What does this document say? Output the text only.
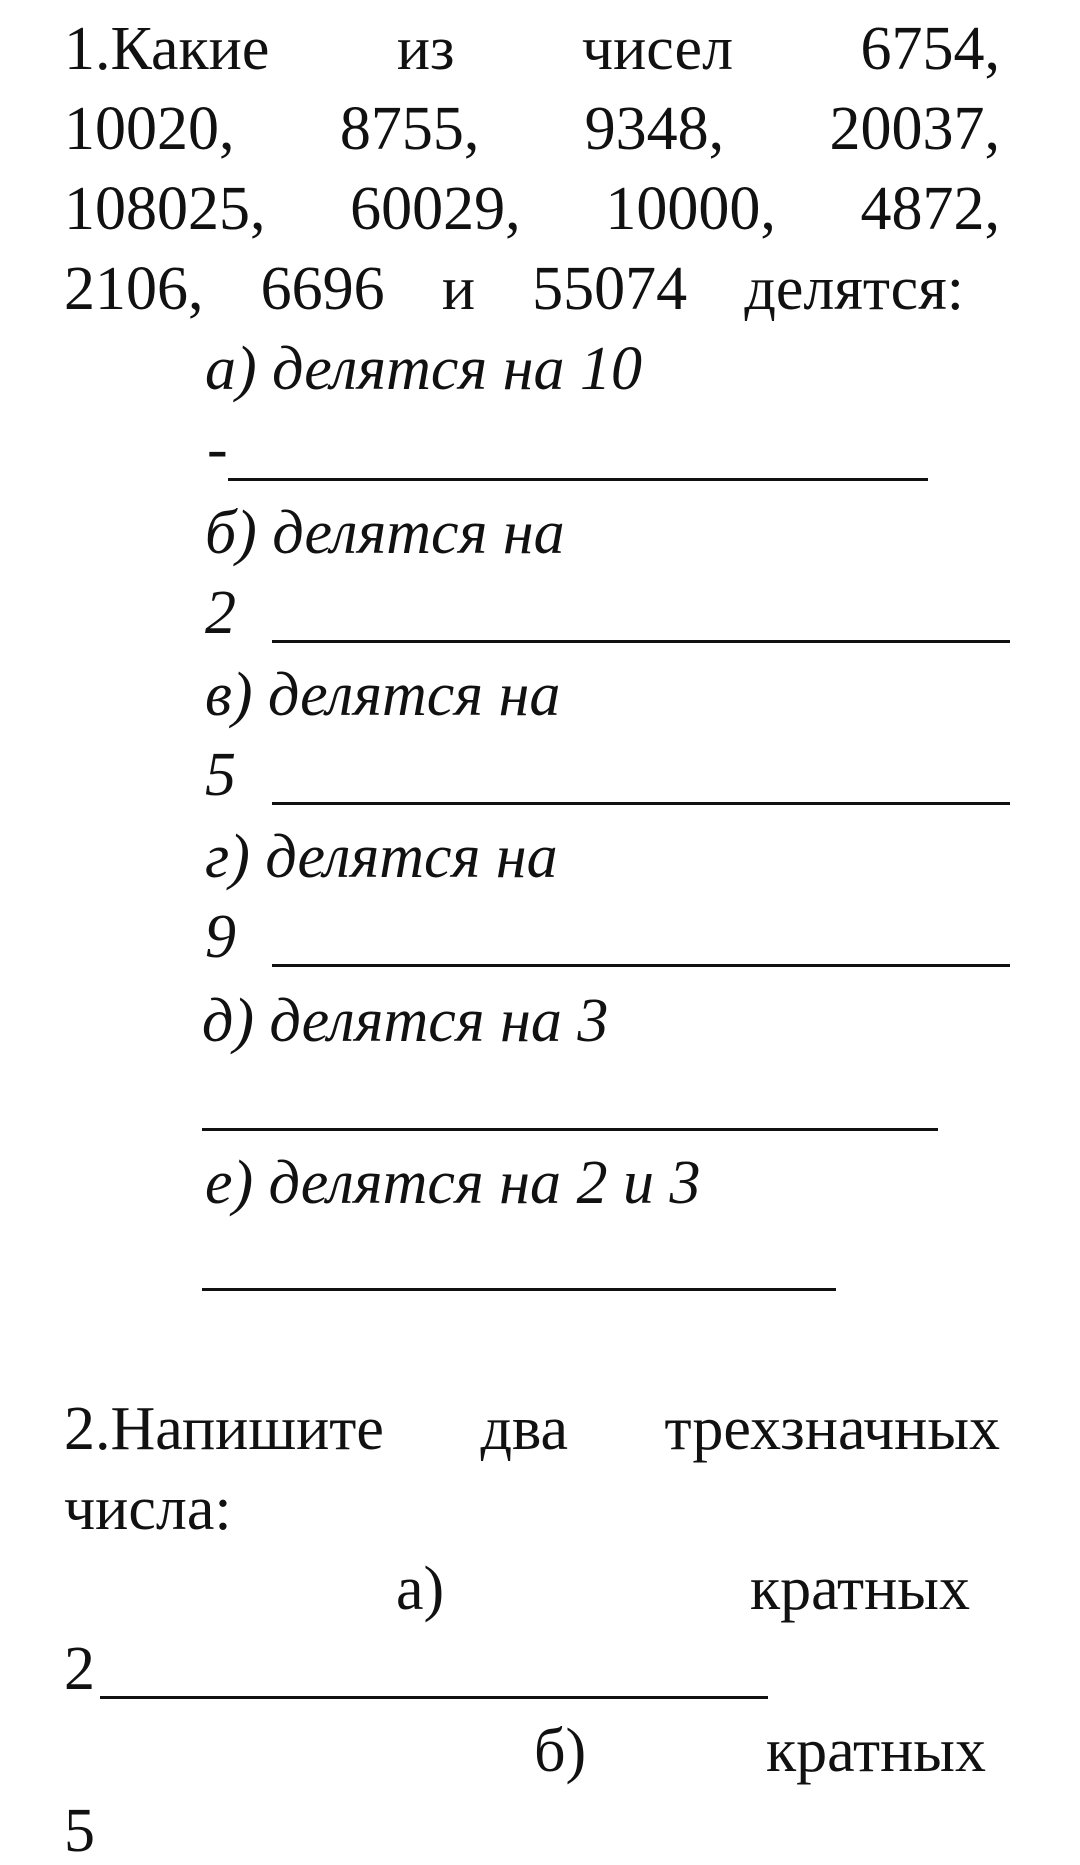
1.Какие из чисел 6754,
10020, 8755, 9348, 20037,
108025, 60029, 10000, 4872,
2106, 6696 и 55074 делятся:
а) делятся на 10
-
б) делятся на
2
в) делятся на
5
г) делятся на
9
д) делятся на 3
е) делятся на 2 и 3
2.Напишите два трехзначных
числа:
а)	кратных
2
б)	кратных
5
